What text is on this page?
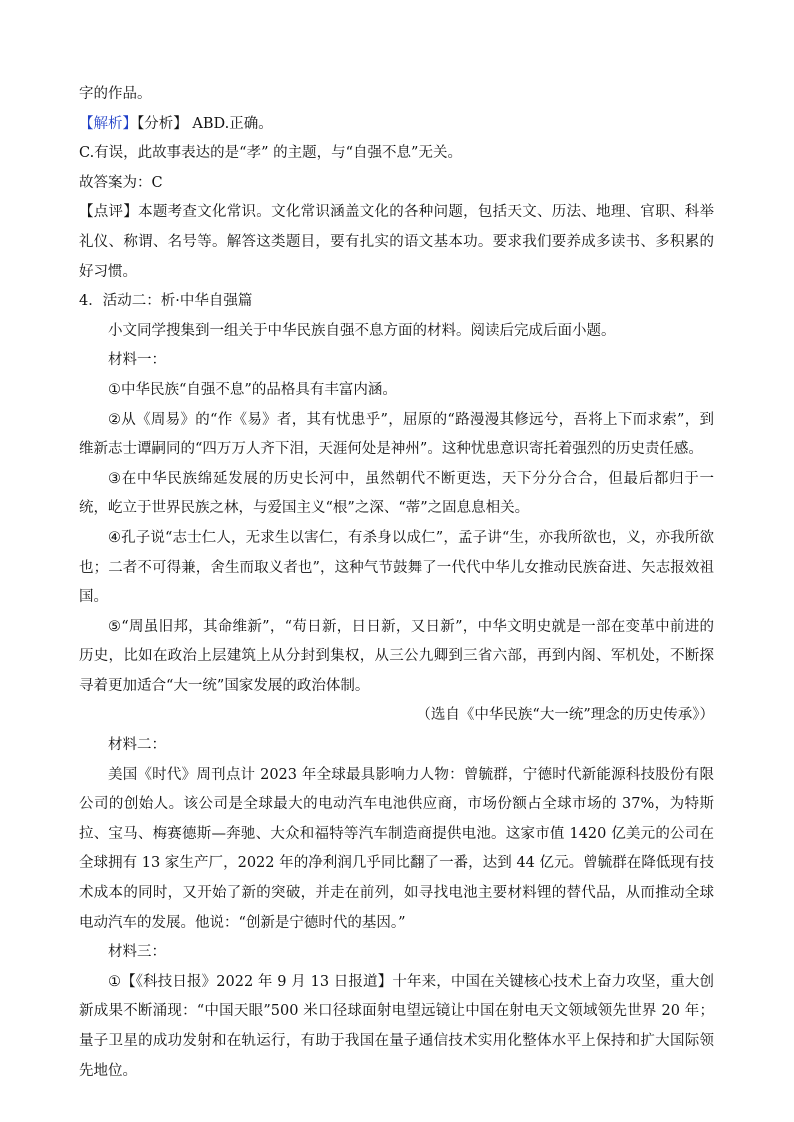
字的作品。

【解析】【分析】 ABD.正确。

C.有误，此故事表达的是“孝” 的主题，与“自强不息”无关。

故答案为：C

【点评】本题考查文化常识。文化常识涵盖文化的各种问题，包括天文、历法、地理、官职、科举礼仪、称谓、名号等。解答这类题目，要有扎实的语文基本功。要求我们要养成多读书、多积累的好习惯。

4．活动二：析·中华自强篇

小文同学搜集到一组关于中华民族自强不息方面的材料。阅读后完成后面小题。

材料一：

①中华民族“自强不息”的品格具有丰富内涵。

②从《周易》的“作《易》者，其有忧患乎”，屈原的“路漫漫其修远兮，吾将上下而求索”，到维新志士谭嗣同的“四万万人齐下泪，天涯何处是神州”。这种忧患意识寄托着强烈的历史责任感。

③在中华民族绵延发展的历史长河中，虽然朝代不断更迭，天下分分合合，但最后都归于一统，屹立于世界民族之林，与爱国主义“根”之深、“蒂”之固息息相关。

④孔子说“志士仁人，无求生以害仁，有杀身以成仁”，孟子讲“生，亦我所欲也，义，亦我所欲也；二者不可得兼，舍生而取义者也”，这种气节鼓舞了一代代中华儿女推动民族奋进、矢志报效祖国。

⑤“周虽旧邦，其命维新”，“苟日新，日日新，又日新”，中华文明史就是一部在变革中前进的历史，比如在政治上层建筑上从分封到集权，从三公九卿到三省六部，再到内阁、军机处，不断探寻着更加适合“大一统”国家发展的政治体制。

（选自《中华民族“大一统”理念的历史传承》）

材料二：

美国《时代》周刊点计 2023 年全球最具影响力人物：曾毓群，宁德时代新能源科技股份有限公司的创始人。该公司是全球最大的电动汽车电池供应商，市场份额占全球市场的 37%，为特斯拉、宝马、梅赛德斯—奔驰、大众和福特等汽车制造商提供电池。这家市值 1420 亿美元的公司在全球拥有 13 家生产厂，2022 年的净利润几乎同比翻了一番，达到 44 亿元。曾毓群在降低现有技术成本的同时，又开始了新的突破，并走在前列，如寻找电池主要材料锂的替代品，从而推动全球电动汽车的发展。他说：“创新是宁德时代的基因。”

材料三：

①【《科技日报》2022 年 9 月 13 日报道】十年来，中国在关键核心技术上奋力攻坚，重大创新成果不断涌现：“中国天眼”500 米口径球面射电望远镜让中国在射电天文领域领先世界 20 年；量子卫星的成功发射和在轨运行，有助于我国在量子通信技术实用化整体水平上保持和扩大国际领先地位。
